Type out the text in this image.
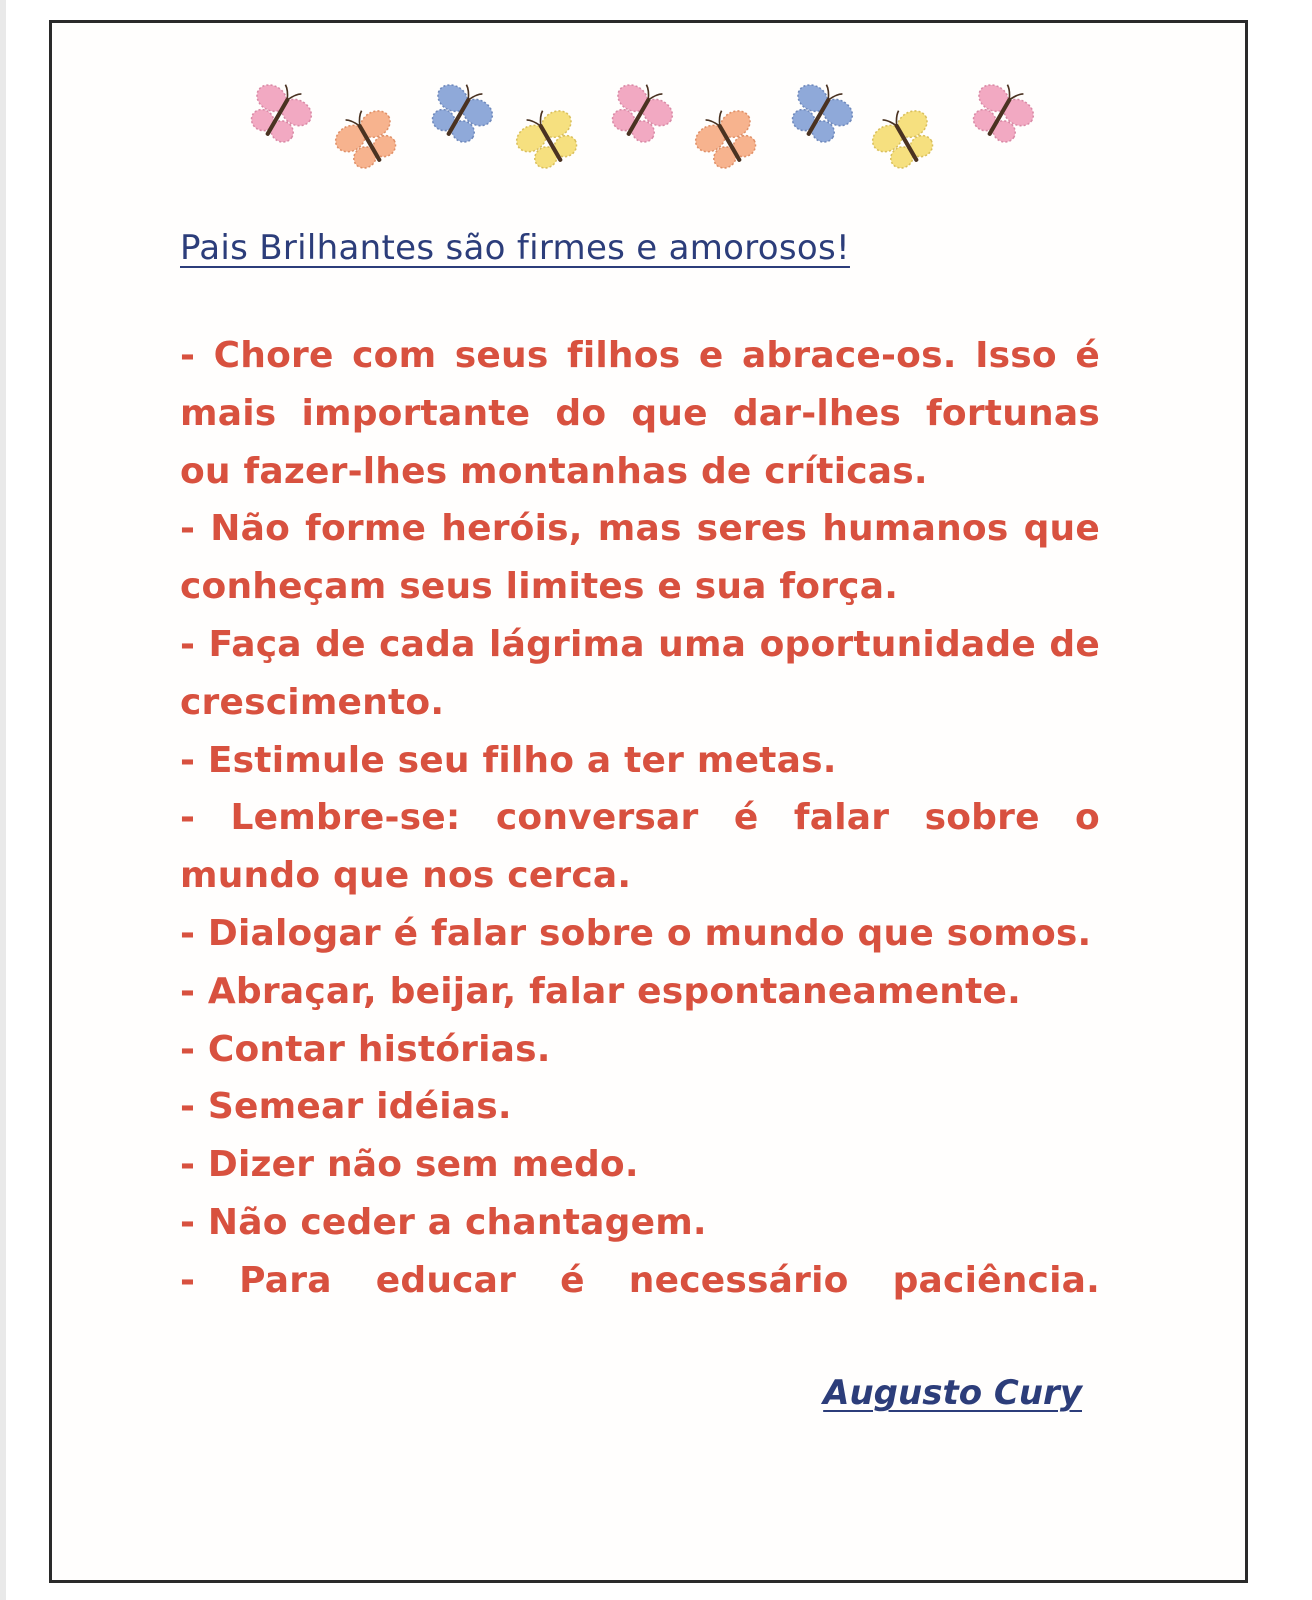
Pais Brilhantes são firmes e amorosos!
- Chore com seus filhos e abrace-os. Isso é mais importante do que dar-lhes fortunas ou fazer-lhes montanhas de críticas.
- Não forme heróis, mas seres humanos que conheçam seus limites e sua força.
- Faça de cada lágrima uma oportunidade de crescimento.
- Estimule seu filho a ter metas.
- Lembre-se: conversar é falar sobre o mundo que nos cerca.
- Dialogar é falar sobre o mundo que somos.
- Abraçar, beijar, falar espontaneamente.
- Contar histórias.
- Semear idéias.
- Dizer não sem medo.
- Não ceder a chantagem.
- Para educar é necessário paciência.
Augusto Cury
